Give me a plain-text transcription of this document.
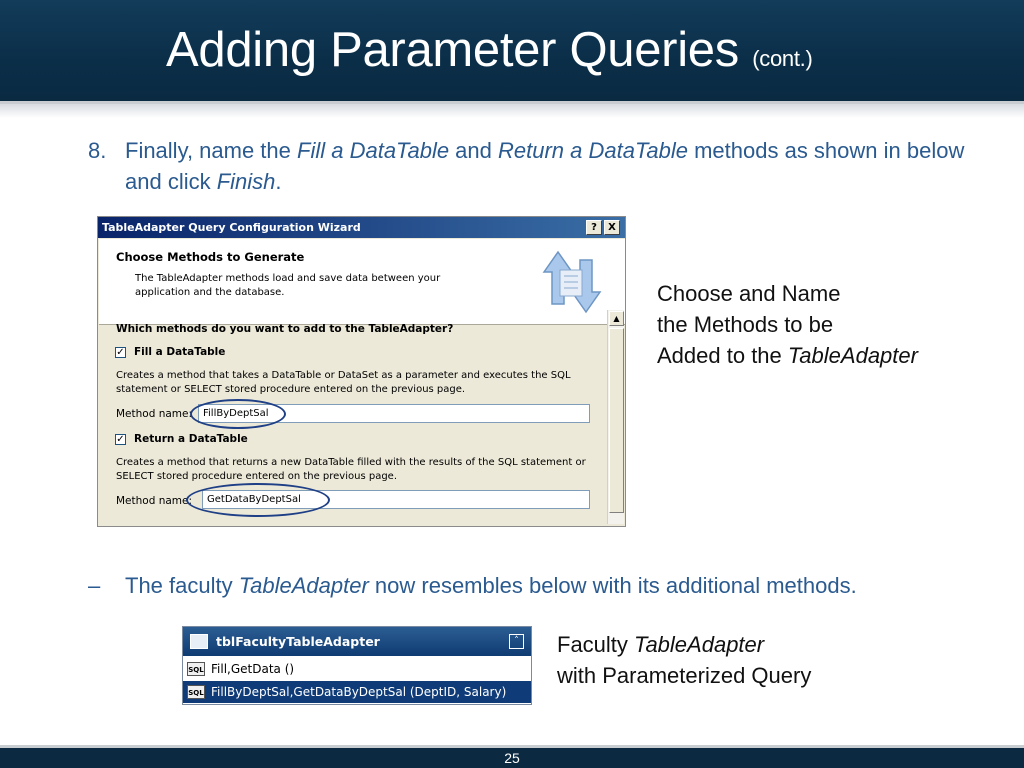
Adding Parameter Queries (cont.)
8. Finally, name the Fill a DataTable and Return a DataTable methods as shown in below and click Finish.
TableAdapter Query Configuration Wizard	?	X
Choose Methods to Generate
The TableAdapter methods load and save data between your application and the database.
▲
Which methods do you want to add to the TableAdapter?
✓ Fill a DataTable
Creates a method that takes a DataTable or DataSet as a parameter and executes the SQL statement or SELECT stored procedure entered on the previous page.
Method name:	FillByDeptSal
✓ Return a DataTable
Creates a method that returns a new DataTable filled with the results of the SQL statement or SELECT stored procedure entered on the previous page.
Method name:	GetDataByDeptSal
Choose and Name
the Methods to be
Added to the TableAdapter
– The faculty TableAdapter now resembles below with its additional methods.
tblFacultyTableAdapter	˄
SQL Fill,GetData ()
SQL FillByDeptSal,GetDataByDeptSal (DeptID, Salary)
Faculty TableAdapter
with Parameterized Query
25
